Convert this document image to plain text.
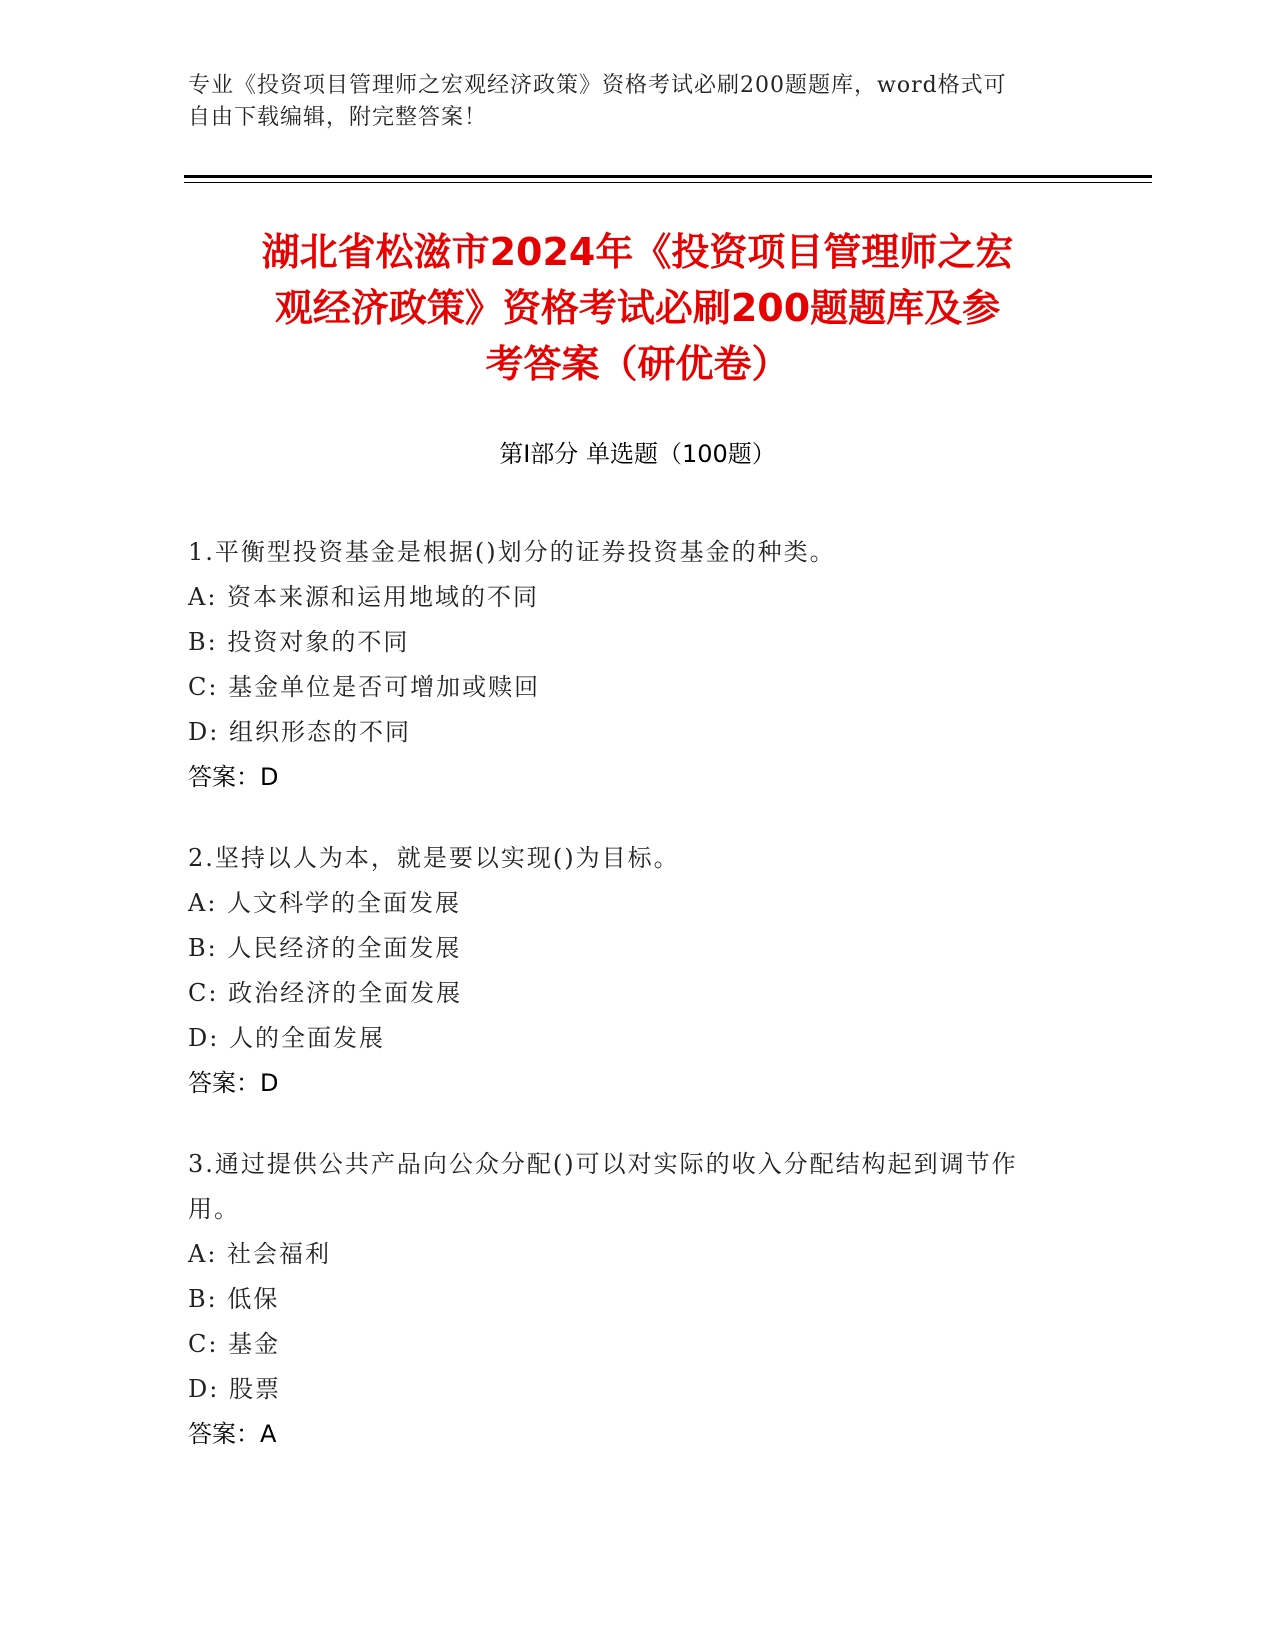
专业《投资项目管理师之宏观经济政策》资格考试必刷200题题库，word格式可
自由下载编辑，附完整答案！
湖北省松滋市2024年《投资项目管理师之宏
观经济政策》资格考试必刷200题题库及参
考答案（研优卷）
第Ⅰ部分 单选题（100题）
1.平衡型投资基金是根据()划分的证券投资基金的种类。
A: 资本来源和运用地域的不同
B: 投资对象的不同
C: 基金单位是否可增加或赎回
D: 组织形态的不同
答案：D
2.坚持以人为本，就是要以实现()为目标。
A: 人文科学的全面发展
B: 人民经济的全面发展
C: 政治经济的全面发展
D: 人的全面发展
答案：D
3.通过提供公共产品向公众分配()可以对实际的收入分配结构起到调节作用。
A: 社会福利
B: 低保
C: 基金
D: 股票
答案：A
